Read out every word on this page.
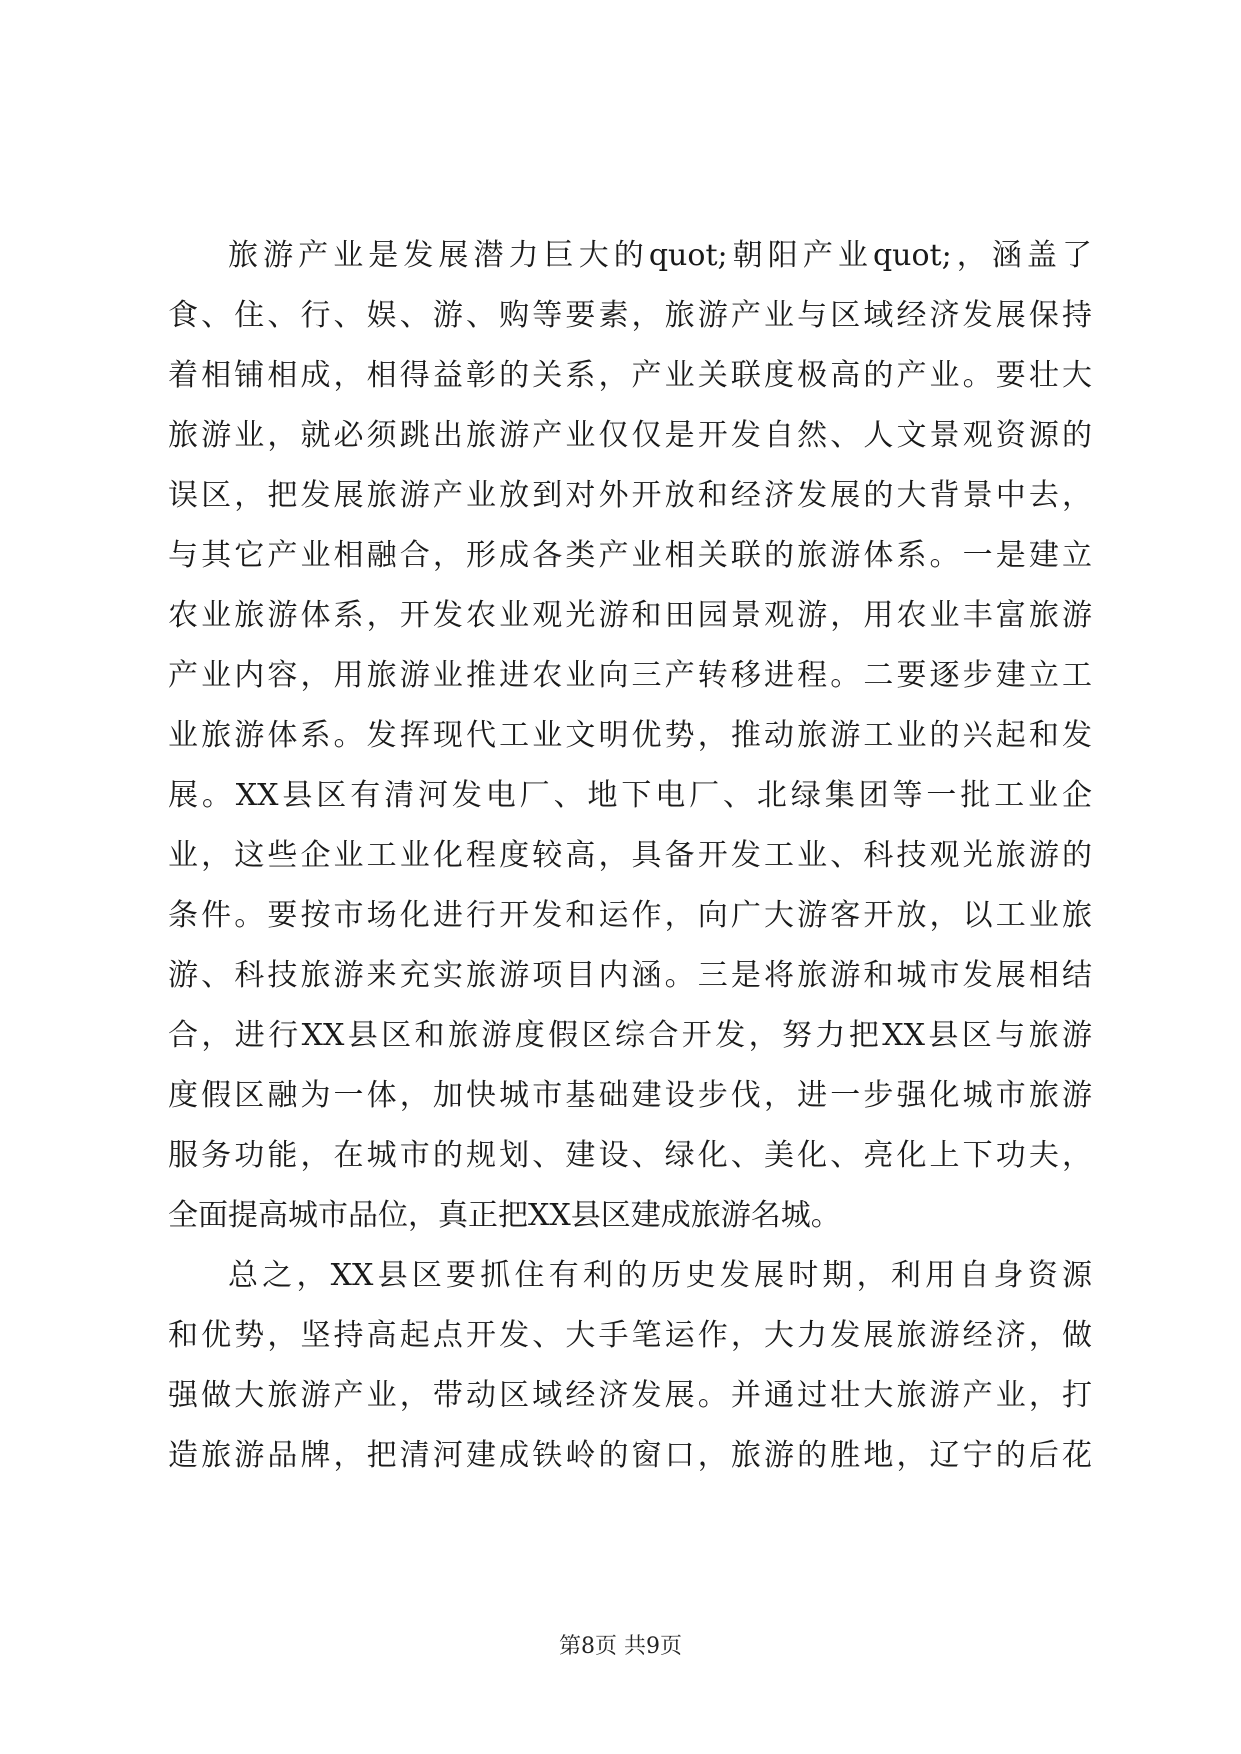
旅游产业是发展潜力巨大的quot;朝阳产业quot;，涵盖了
食、住、行、娱、游、购等要素，旅游产业与区域经济发展保持
着相铺相成，相得益彰的关系，产业关联度极高的产业。要壮大
旅游业，就必须跳出旅游产业仅仅是开发自然、人文景观资源的
误区，把发展旅游产业放到对外开放和经济发展的大背景中去，
与其它产业相融合，形成各类产业相关联的旅游体系。一是建立
农业旅游体系，开发农业观光游和田园景观游，用农业丰富旅游
产业内容，用旅游业推进农业向三产转移进程。二要逐步建立工
业旅游体系。发挥现代工业文明优势，推动旅游工业的兴起和发
展。XX县区有清河发电厂、地下电厂、北绿集团等一批工业企
业，这些企业工业化程度较高，具备开发工业、科技观光旅游的
条件。要按市场化进行开发和运作，向广大游客开放，以工业旅
游、科技旅游来充实旅游项目内涵。三是将旅游和城市发展相结
合，进行XX县区和旅游度假区综合开发，努力把XX县区与旅游
度假区融为一体，加快城市基础建设步伐，进一步强化城市旅游
服务功能，在城市的规划、建设、绿化、美化、亮化上下功夫，
全面提高城市品位，真正把XX县区建成旅游名城。
总之，XX县区要抓住有利的历史发展时期，利用自身资源
和优势，坚持高起点开发、大手笔运作，大力发展旅游经济，做
强做大旅游产业，带动区域经济发展。并通过壮大旅游产业，打
造旅游品牌，把清河建成铁岭的窗口，旅游的胜地，辽宁的后花
第8页 共9页
